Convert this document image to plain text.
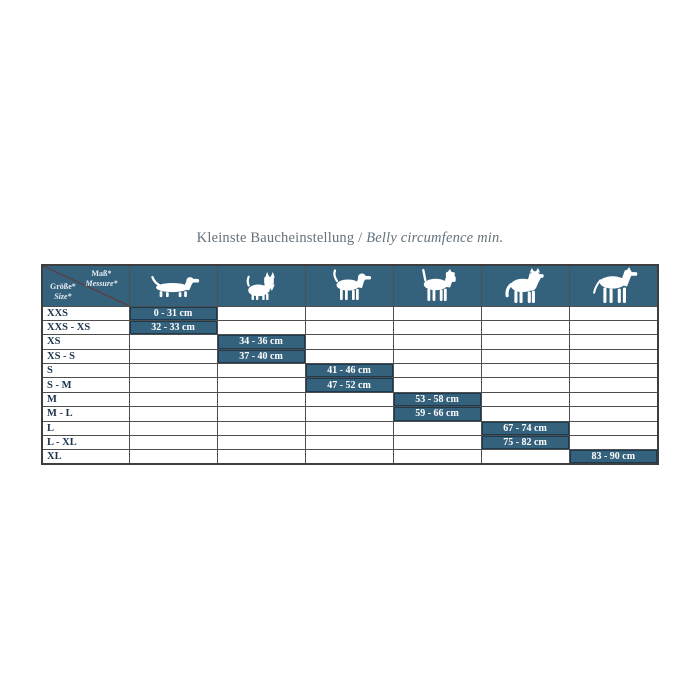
Kleinste Baucheinstellung / Belly circumfence min.
Maß*
Messure*
Größe*
Size*

XXS	0 - 31 cm					
XXS - XS	32 - 33 cm					
XS		34 - 36 cm				
XS - S		37 - 40 cm				
S			41 - 46 cm			
S - M			47 - 52 cm			
M				53 - 58 cm		
M - L				59 - 66 cm		
L					67 - 74 cm	
L - XL					75 - 82 cm	
XL						83 - 90 cm
